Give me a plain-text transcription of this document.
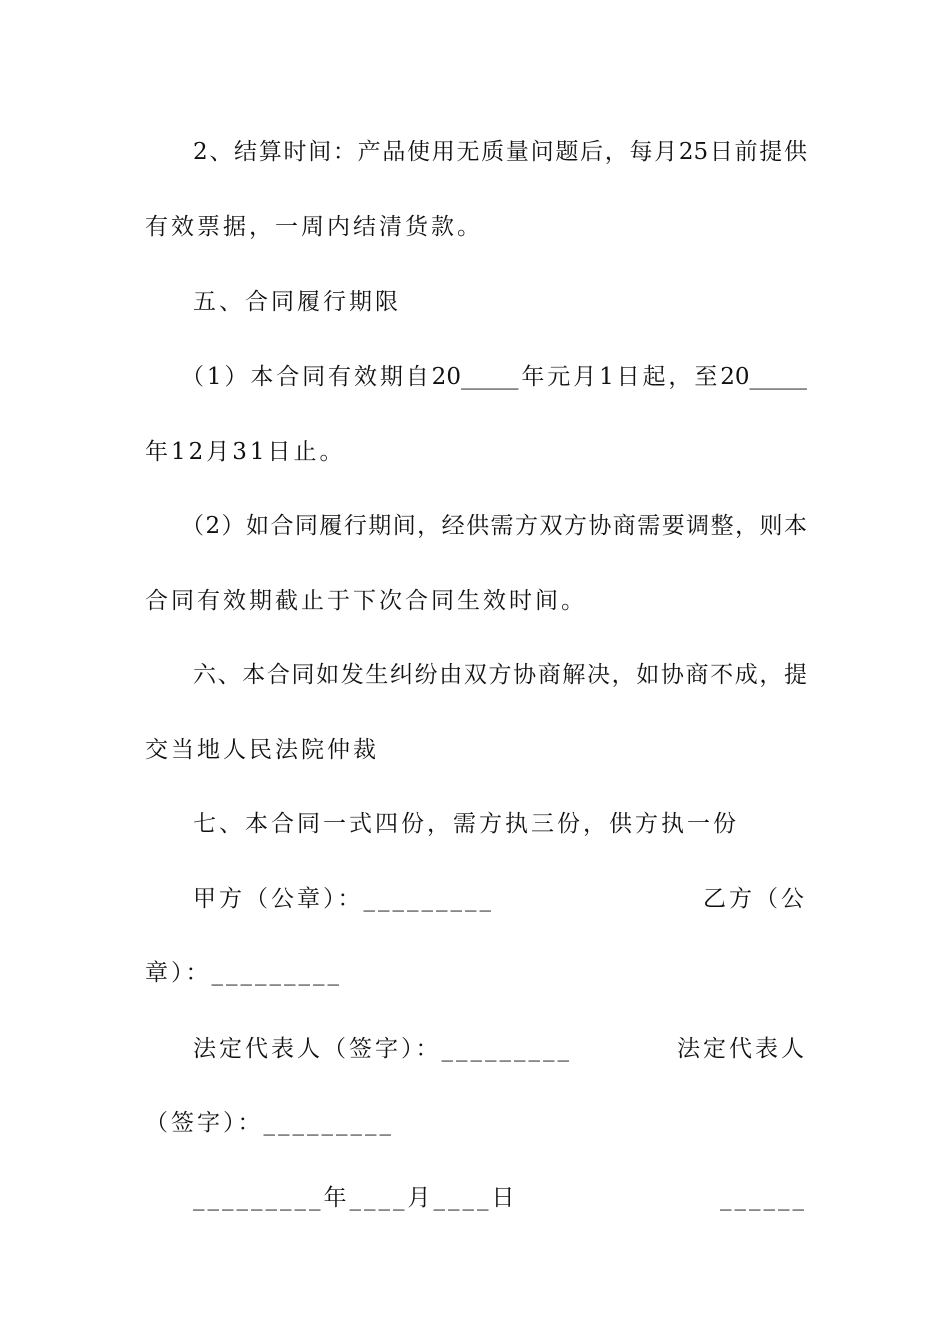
2、结算时间：产品使用无质量问题后，每月25日前提供
有效票据，一周内结清货款。
五、合同履行期限
（1）本合同有效期自20_____年元月1日起，至20_____
年12月31日止。
（2）如合同履行期间，经供需方双方协商需要调整，则本
合同有效期截止于下次合同生效时间。
六、本合同如发生纠纷由双方协商解决，如协商不成，提
交当地人民法院仲裁
七、本合同一式四份，需方执三份，供方执一份
甲方（公章）：_________	乙方（公
章）：_________
法定代表人（签字）：_________	法定代表人
（签字）：_________
_________年____月____日	______
